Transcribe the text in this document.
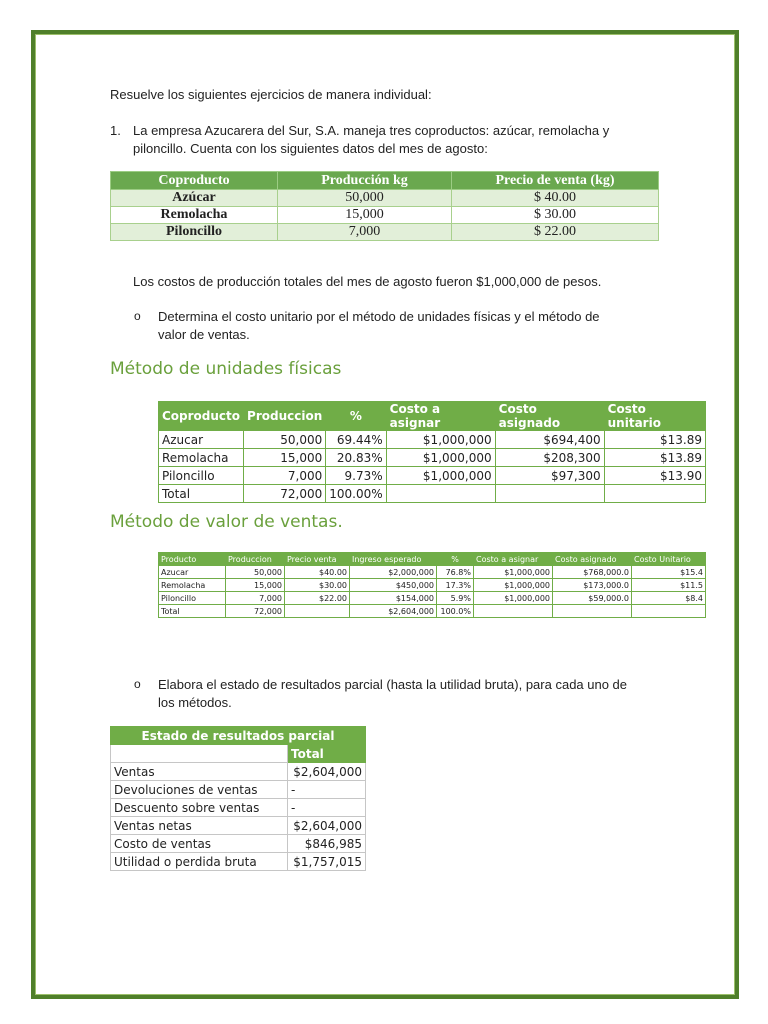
Resuelve los siguientes ejercicios de manera individual:
1. La empresa Azucarera del Sur, S.A. maneja tres coproductos: azúcar, remolacha y
piloncillo. Cuenta con los siguientes datos del mes de agosto:
Coproducto	Producción kg	Precio de venta (kg)
Azúcar	50,000	$ 40.00
Remolacha	15,000	$ 30.00
Piloncillo	7,000	$ 22.00
Los costos de producción totales del mes de agosto fueron $1,000,000 de pesos.
o Determina el costo unitario por el método de unidades físicas y el método de
valor de ventas.
Método de unidades físicas
Coproducto	Produccion	%	Costo a asignar	Costo asignado	Costo unitario
Azucar	50,000	69.44%	$1,000,000	$694,400	$13.89
Remolacha	15,000	20.83%	$1,000,000	$208,300	$13.89
Piloncillo	7,000	9.73%	$1,000,000	$97,300	$13.90
Total	72,000	100.00%			
Método de valor de ventas.
Producto	Produccion	Precio venta	Ingreso esperado	%	Costo a asignar	Costo asignado	Costo Unitario
Azucar	50,000	$40.00	$2,000,000	76.8%	$1,000,000	$768,000.0	$15.4
Remolacha	15,000	$30.00	$450,000	17.3%	$1,000,000	$173,000.0	$11.5
Piloncillo	7,000	$22.00	$154,000	5.9%	$1,000,000	$59,000.0	$8.4
Total	72,000		$2,604,000	100.0%			
o Elabora el estado de resultados parcial (hasta la utilidad bruta), para cada uno de
los métodos.
Estado de resultados parcial	
	Total
Ventas	$2,604,000
Devoluciones de ventas	-
Descuento sobre ventas	-
Ventas netas	$2,604,000
Costo de ventas	$846,985
Utilidad o perdida bruta	$1,757,015
